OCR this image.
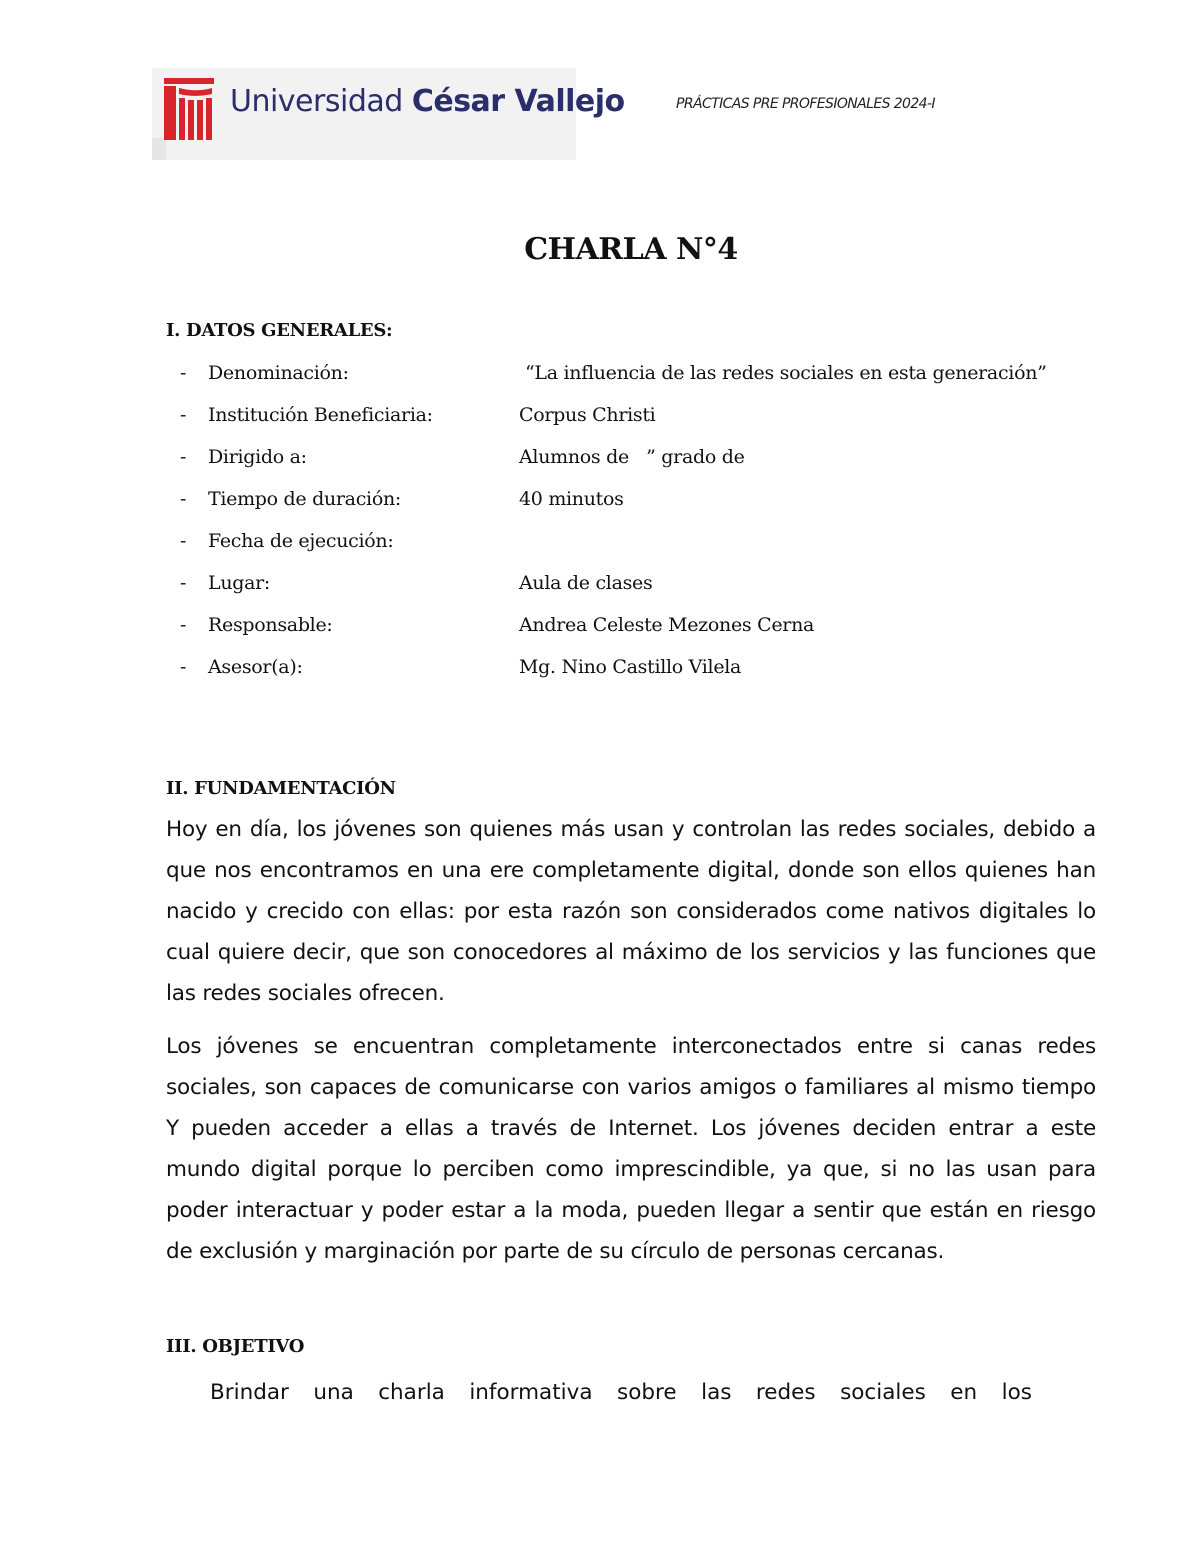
Universidad César Vallejo	PRÁCTICAS PRE PROFESIONALES 2024-I
CHARLA N°4
I. DATOS GENERALES:
- Denominación:	“La influencia de las redes sociales en esta generación”
- Institución Beneficiaria:	Corpus Christi
- Dirigido a:	Alumnos de   ” grado de
- Tiempo de duración:	40 minutos
- Fecha de ejecución:
- Lugar:	Aula de clases
- Responsable:	Andrea Celeste Mezones Cerna
- Asesor(a):	Mg. Nino Castillo Vilela
II. FUNDAMENTACIÓN
Hoy en día, los jóvenes son quienes más usan y controlan las redes sociales, debido a que nos encontramos en una ere completamente digital, donde son ellos quienes han nacido y crecido con ellas: por esta razón son considerados come nativos digitales lo cual quiere decir, que son conocedores al máximo de los servicios y las funciones que las redes sociales ofrecen.
Los jóvenes se encuentran completamente interconectados entre si canas redes sociales, son capaces de comunicarse con varios amigos o familiares al mismo tiempo Y pueden acceder a ellas a través de Internet. Los jóvenes deciden entrar a este mundo digital porque lo perciben como imprescindible, ya que, si no las usan para poder interactuar y poder estar a la moda, pueden llegar a sentir que están en riesgo de exclusión y marginación por parte de su círculo de personas cercanas.
III. OBJETIVO
Brindar una charla informativa sobre las redes sociales en los
